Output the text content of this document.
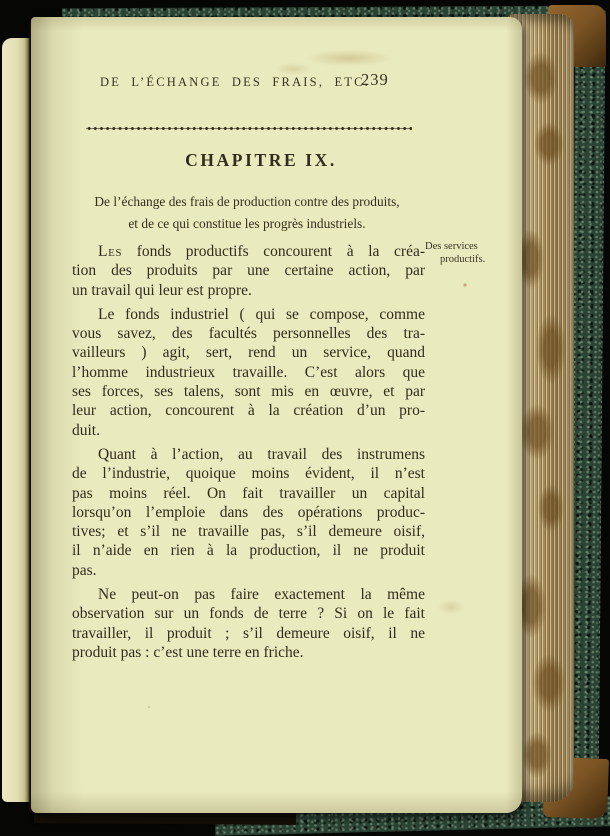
DE L’ÉCHANGE DES FRAIS, ETC.
239
CHAPITRE IX.
De l’échange des frais de production contre des produits,
et de ce qui constitue les progrès industriels.
Les fonds productifs concourent à la créa-
tion des produits par une certaine action, par
un travail qui leur est propre.
Le fonds industriel ( qui se compose, comme
vous savez, des facultés personnelles des tra-
vailleurs ) agit, sert, rend un service, quand
l’homme industrieux travaille. C’est alors que
ses forces, ses talens, sont mis en œuvre, et par
leur action, concourent à la création d’un pro-
duit.
Quant à l’action, au travail des instrumens
de l’industrie, quoique moins évident, il n’est
pas moins réel. On fait travailler un capital
lorsqu’on l’emploie dans des opérations produc-
tives; et s’il ne travaille pas, s’il demeure oisif,
il n’aide en rien à la production, il ne produit
pas.
Ne peut-on pas faire exactement la même
observation sur un fonds de terre ? Si on le fait
travailler, il produit ; s’il demeure oisif, il ne
produit pas : c’est une terre en friche.
Des services
productifs.
